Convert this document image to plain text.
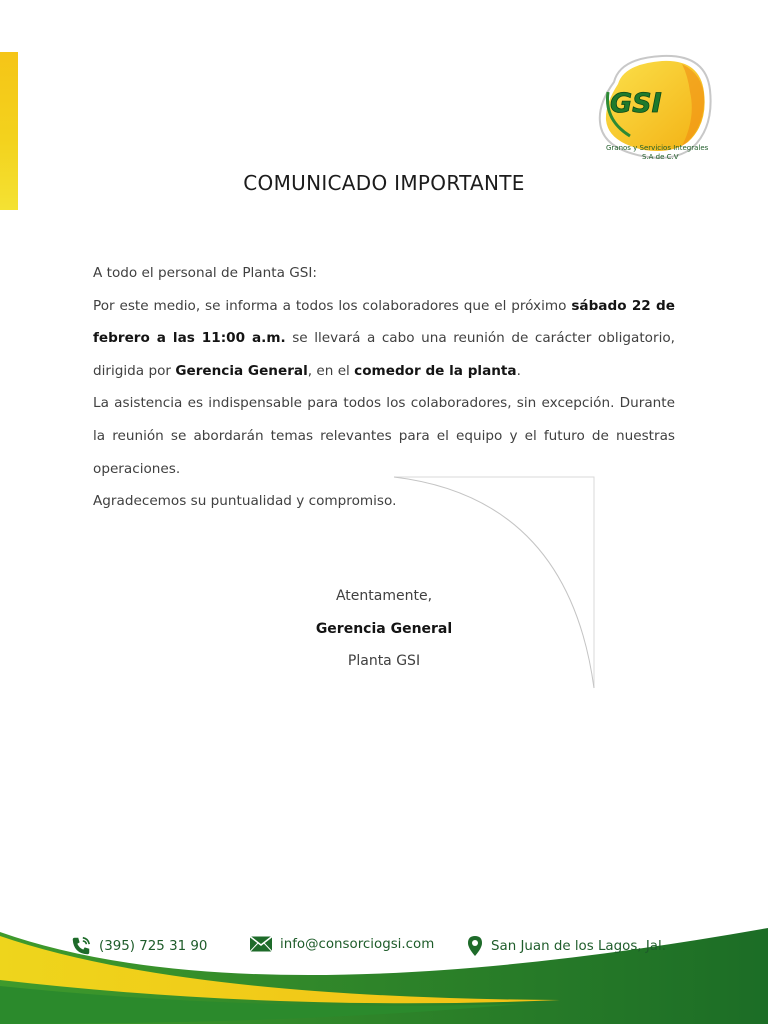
GSI
Granos y Servicios Integrales
S.A de C.V
COMUNICADO IMPORTANTE

A todo el personal de Planta GSI:

Por este medio, se informa a todos los colaboradores que el próximo sábado 22 de febrero a las 11:00 a.m. se llevará a cabo una reunión de carácter obligatorio, dirigida por Gerencia General, en el comedor de la planta.

La asistencia es indispensable para todos los colaboradores, sin excepción. Durante la reunión se abordarán temas relevantes para el equipo y el futuro de nuestras operaciones.

Agradecemos su puntualidad y compromiso.

Atentamente,
Gerencia General
Planta GSI
(395) 725 31 90	info@consorciogsi.com	San Juan de los Lagos, Jal.
